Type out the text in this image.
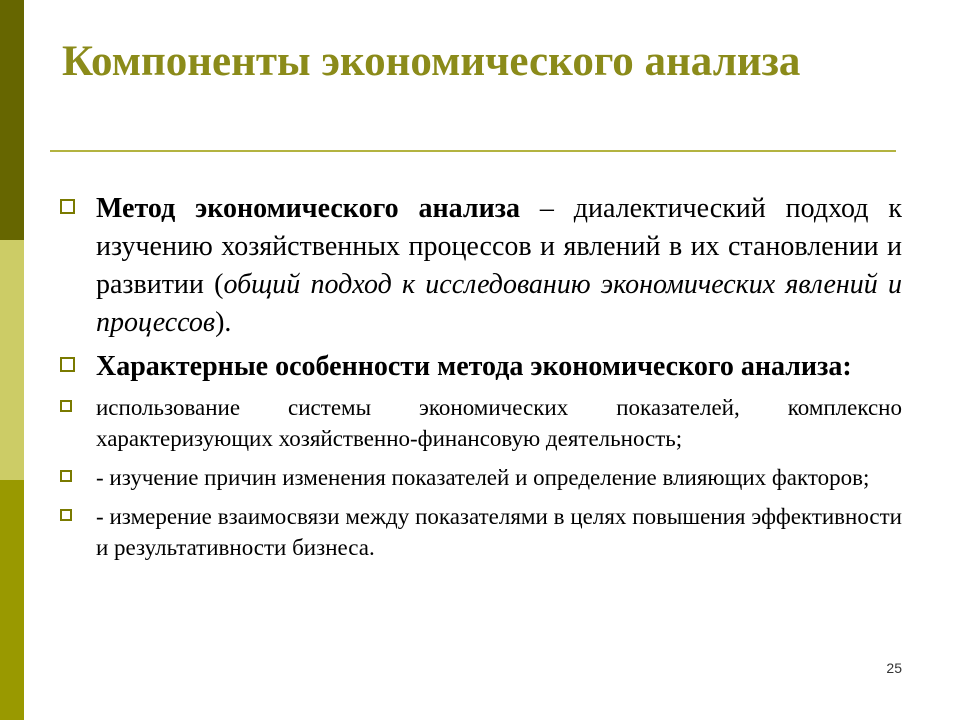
Компоненты экономического анализа
Метод экономического анализа – диалектический подход к изучению хозяйственных процессов и явлений в их становлении и развитии (общий подход к исследованию экономических явлений и процессов).
Характерные особенности метода экономического анализа:
использование системы экономических показателей, комплексно характеризующих хозяйственно-финансовую деятельность;
- изучение причин изменения показателей и определение влияющих факторов;
- измерение взаимосвязи между показателями в целях повышения эффективности и результативности бизнеса.
25
